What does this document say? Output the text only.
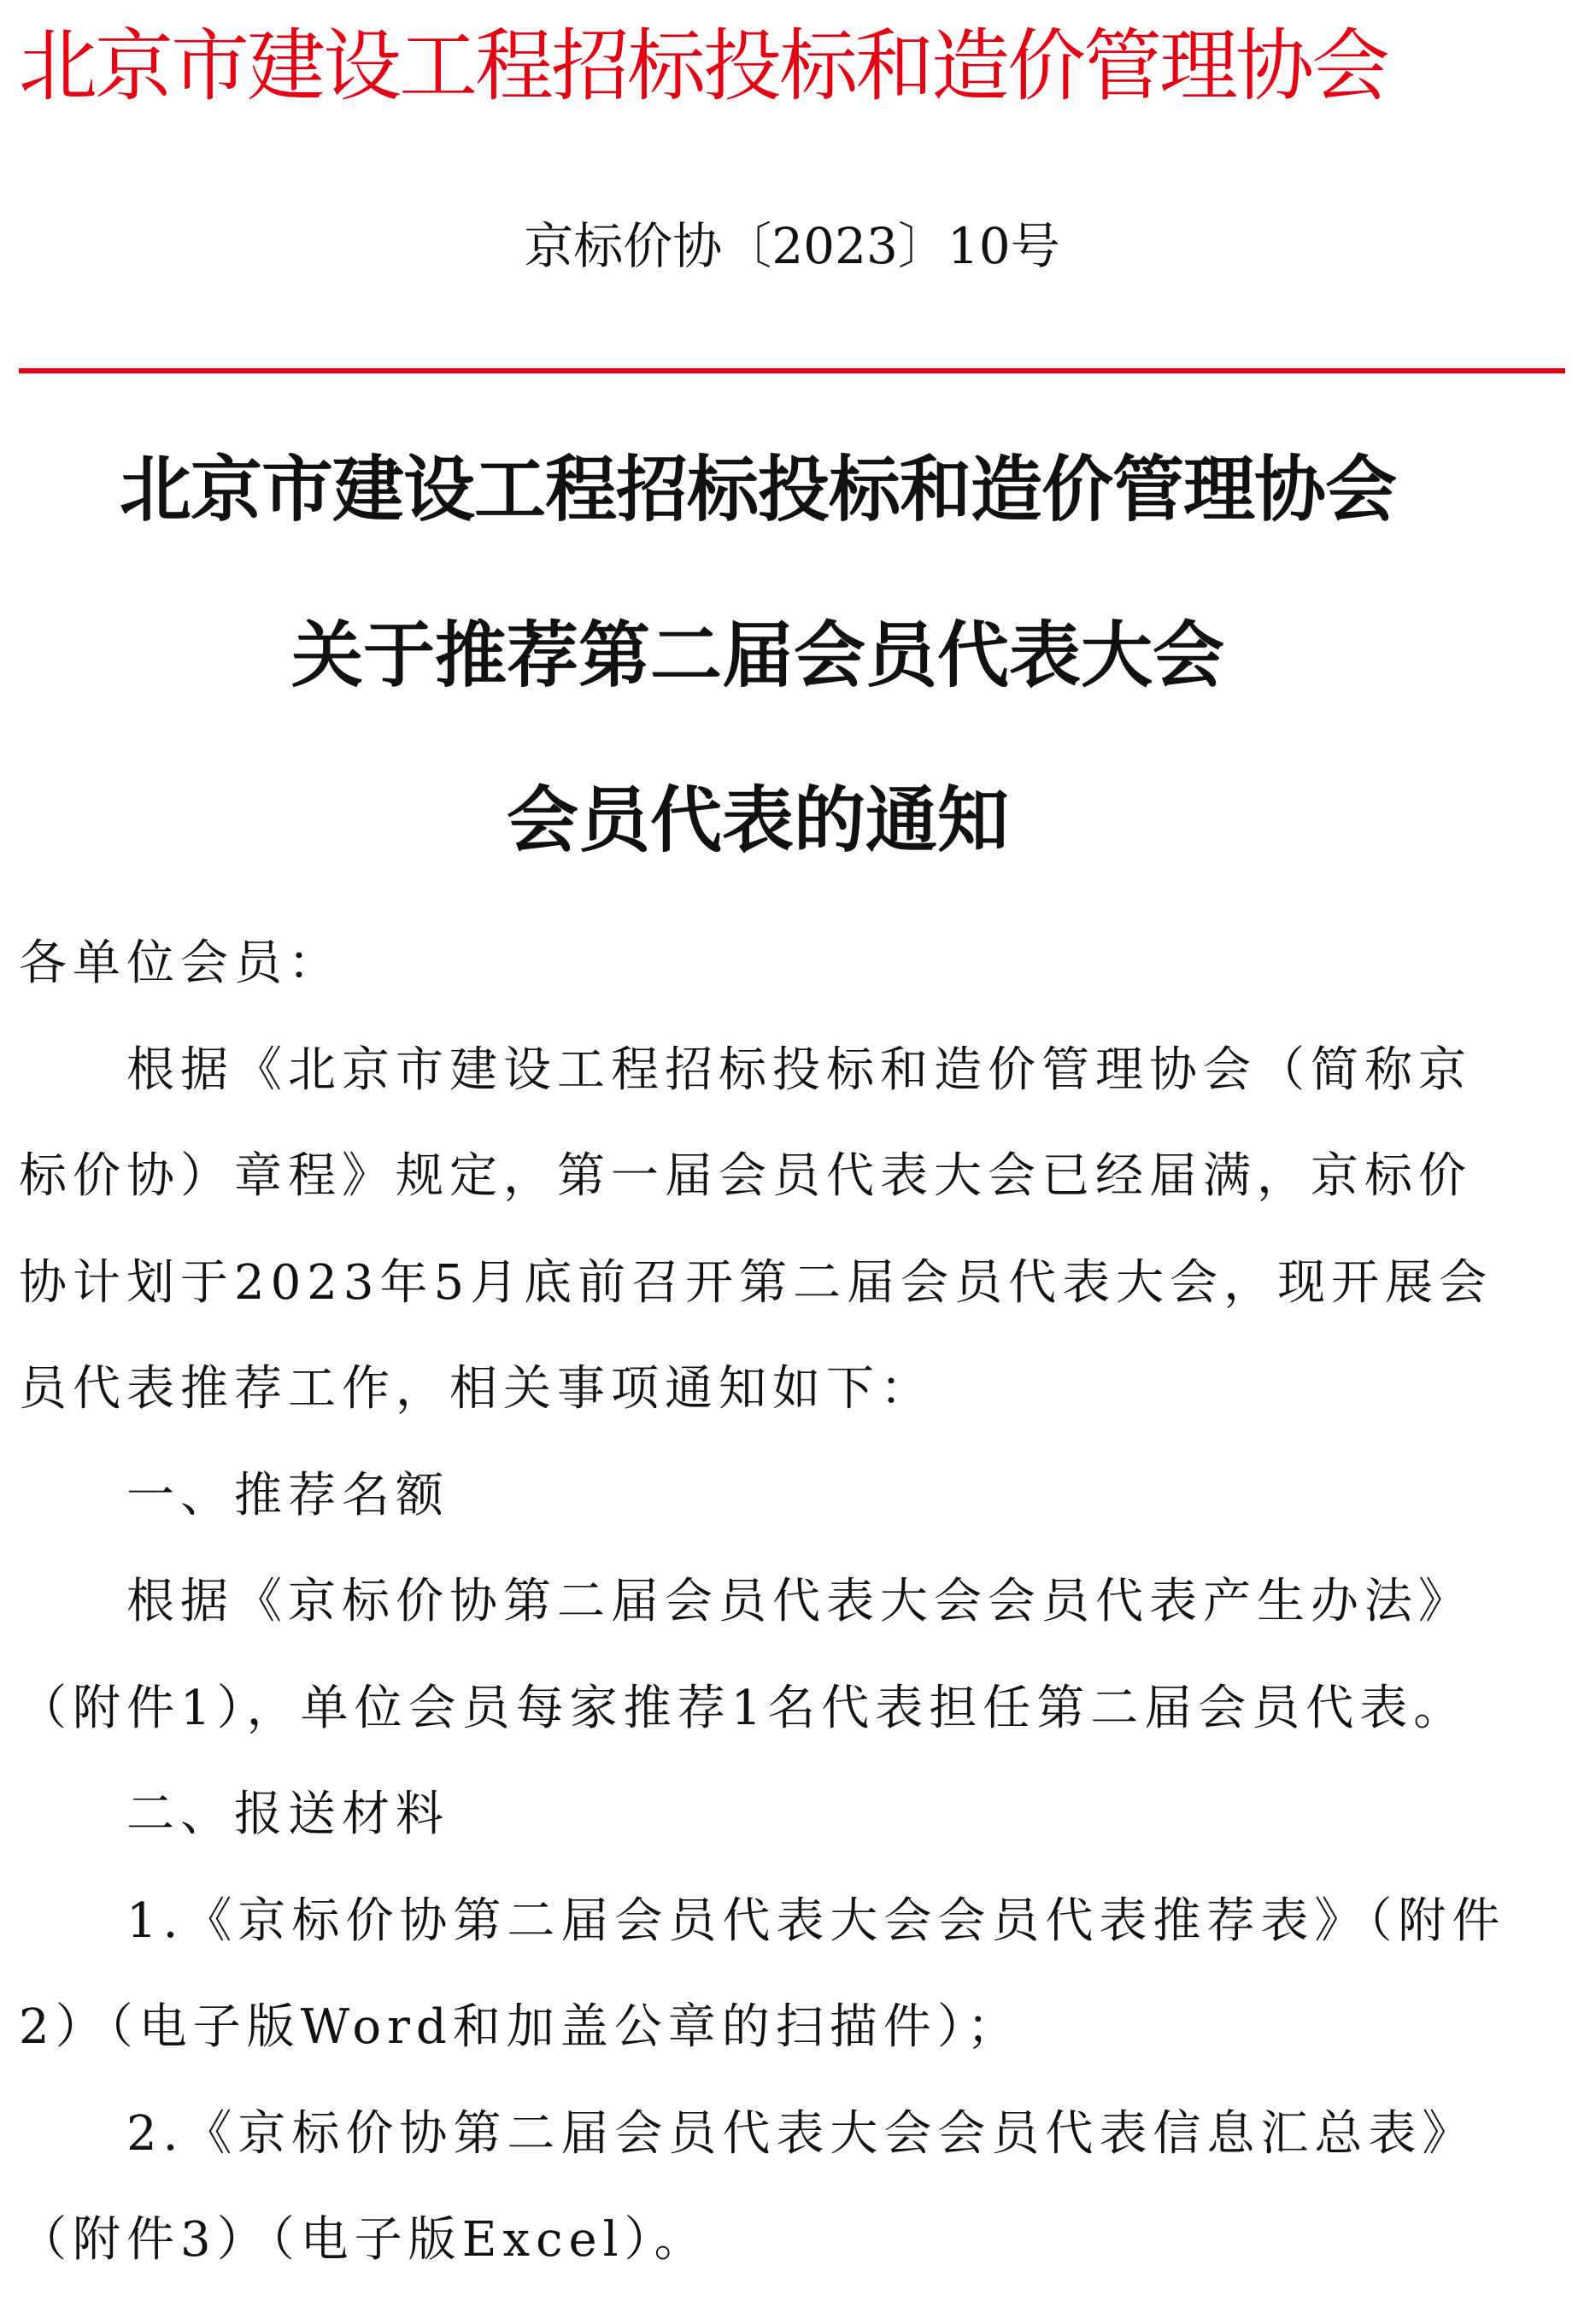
北京市建设工程招标投标和造价管理协会
京标价协〔2023〕10号
北京市建设工程招标投标和造价管理协会
关于推荐第二届会员代表大会
会员代表的通知

各单位会员：

根据《北京市建设工程招标投标和造价管理协会（简称京标价协）章程》规定，第一届会员代表大会已经届满，京标价协计划于2023年5月底前召开第二届会员代表大会，现开展会员代表推荐工作，相关事项通知如下：

一、推荐名额

根据《京标价协第二届会员代表大会会员代表产生办法》（附件1），单位会员每家推荐1名代表担任第二届会员代表。

二、报送材料

1.《京标价协第二届会员代表大会会员代表推荐表》（附件2）（电子版Word和加盖公章的扫描件）；

2.《京标价协第二届会员代表大会会员代表信息汇总表》（附件3）（电子版Excel）。
